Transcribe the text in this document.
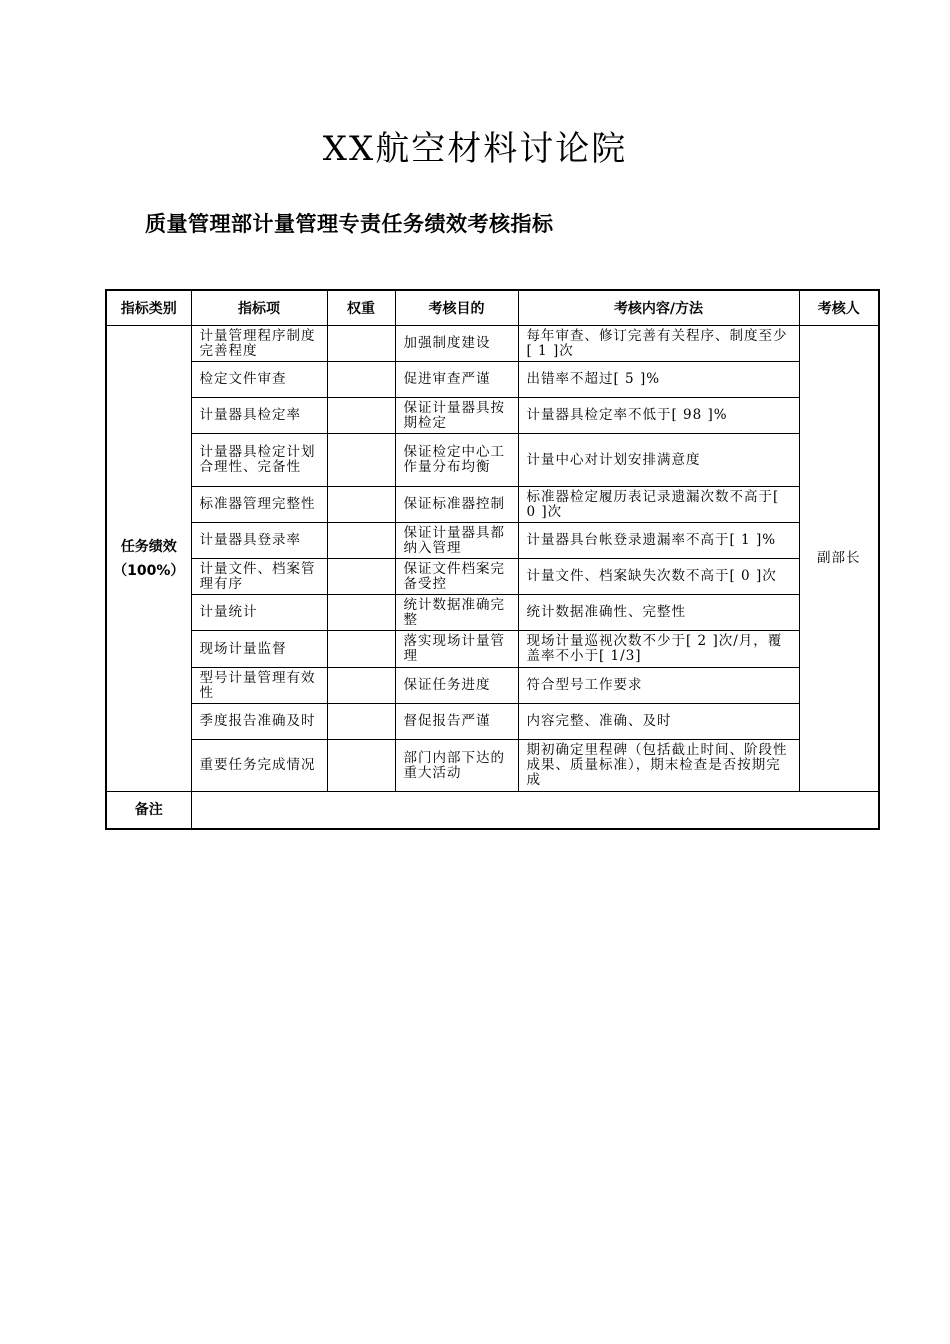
XX航空材料讨论院
质量管理部计量管理专责任务绩效考核指标
指标类别	指标项	权重	考核目的	考核内容/方法	考核人

任务绩效
（100%）	计量管理程序制度完善程度		加强制度建设	每年审查、修订完善有关程序、制度至少[ 1 ]次	副部长
	检定文件审查		促进审查严谨	出错率不超过[ 5 ]%	
	计量器具检定率		保证计量器具按期检定	计量器具检定率不低于[ 98 ]%	
	计量器具检定计划合理性、完备性		保证检定中心工作量分布均衡	计量中心对计划安排满意度	
	标准器管理完整性		保证标准器控制	标准器检定履历表记录遗漏次数不高于[ 0 ]次	
	计量器具登录率		保证计量器具都纳入管理	计量器具台帐登录遗漏率不高于[ 1 ]%	
	计量文件、档案管理有序		保证文件档案完备受控	计量文件、档案缺失次数不高于[ 0 ]次	
	计量统计		统计数据准确完整	统计数据准确性、完整性	
	现场计量监督		落实现场计量管理	现场计量巡视次数不少于[ 2 ]次/月，覆盖率不小于[ 1/3]	
	型号计量管理有效性		保证任务进度	符合型号工作要求	
	季度报告准确及时		督促报告严谨	内容完整、准确、及时	
	重要任务完成情况		部门内部下达的重大活动	期初确定里程碑（包括截止时间、阶段性成果、质量标准），期末检查是否按期完成	
备注					
